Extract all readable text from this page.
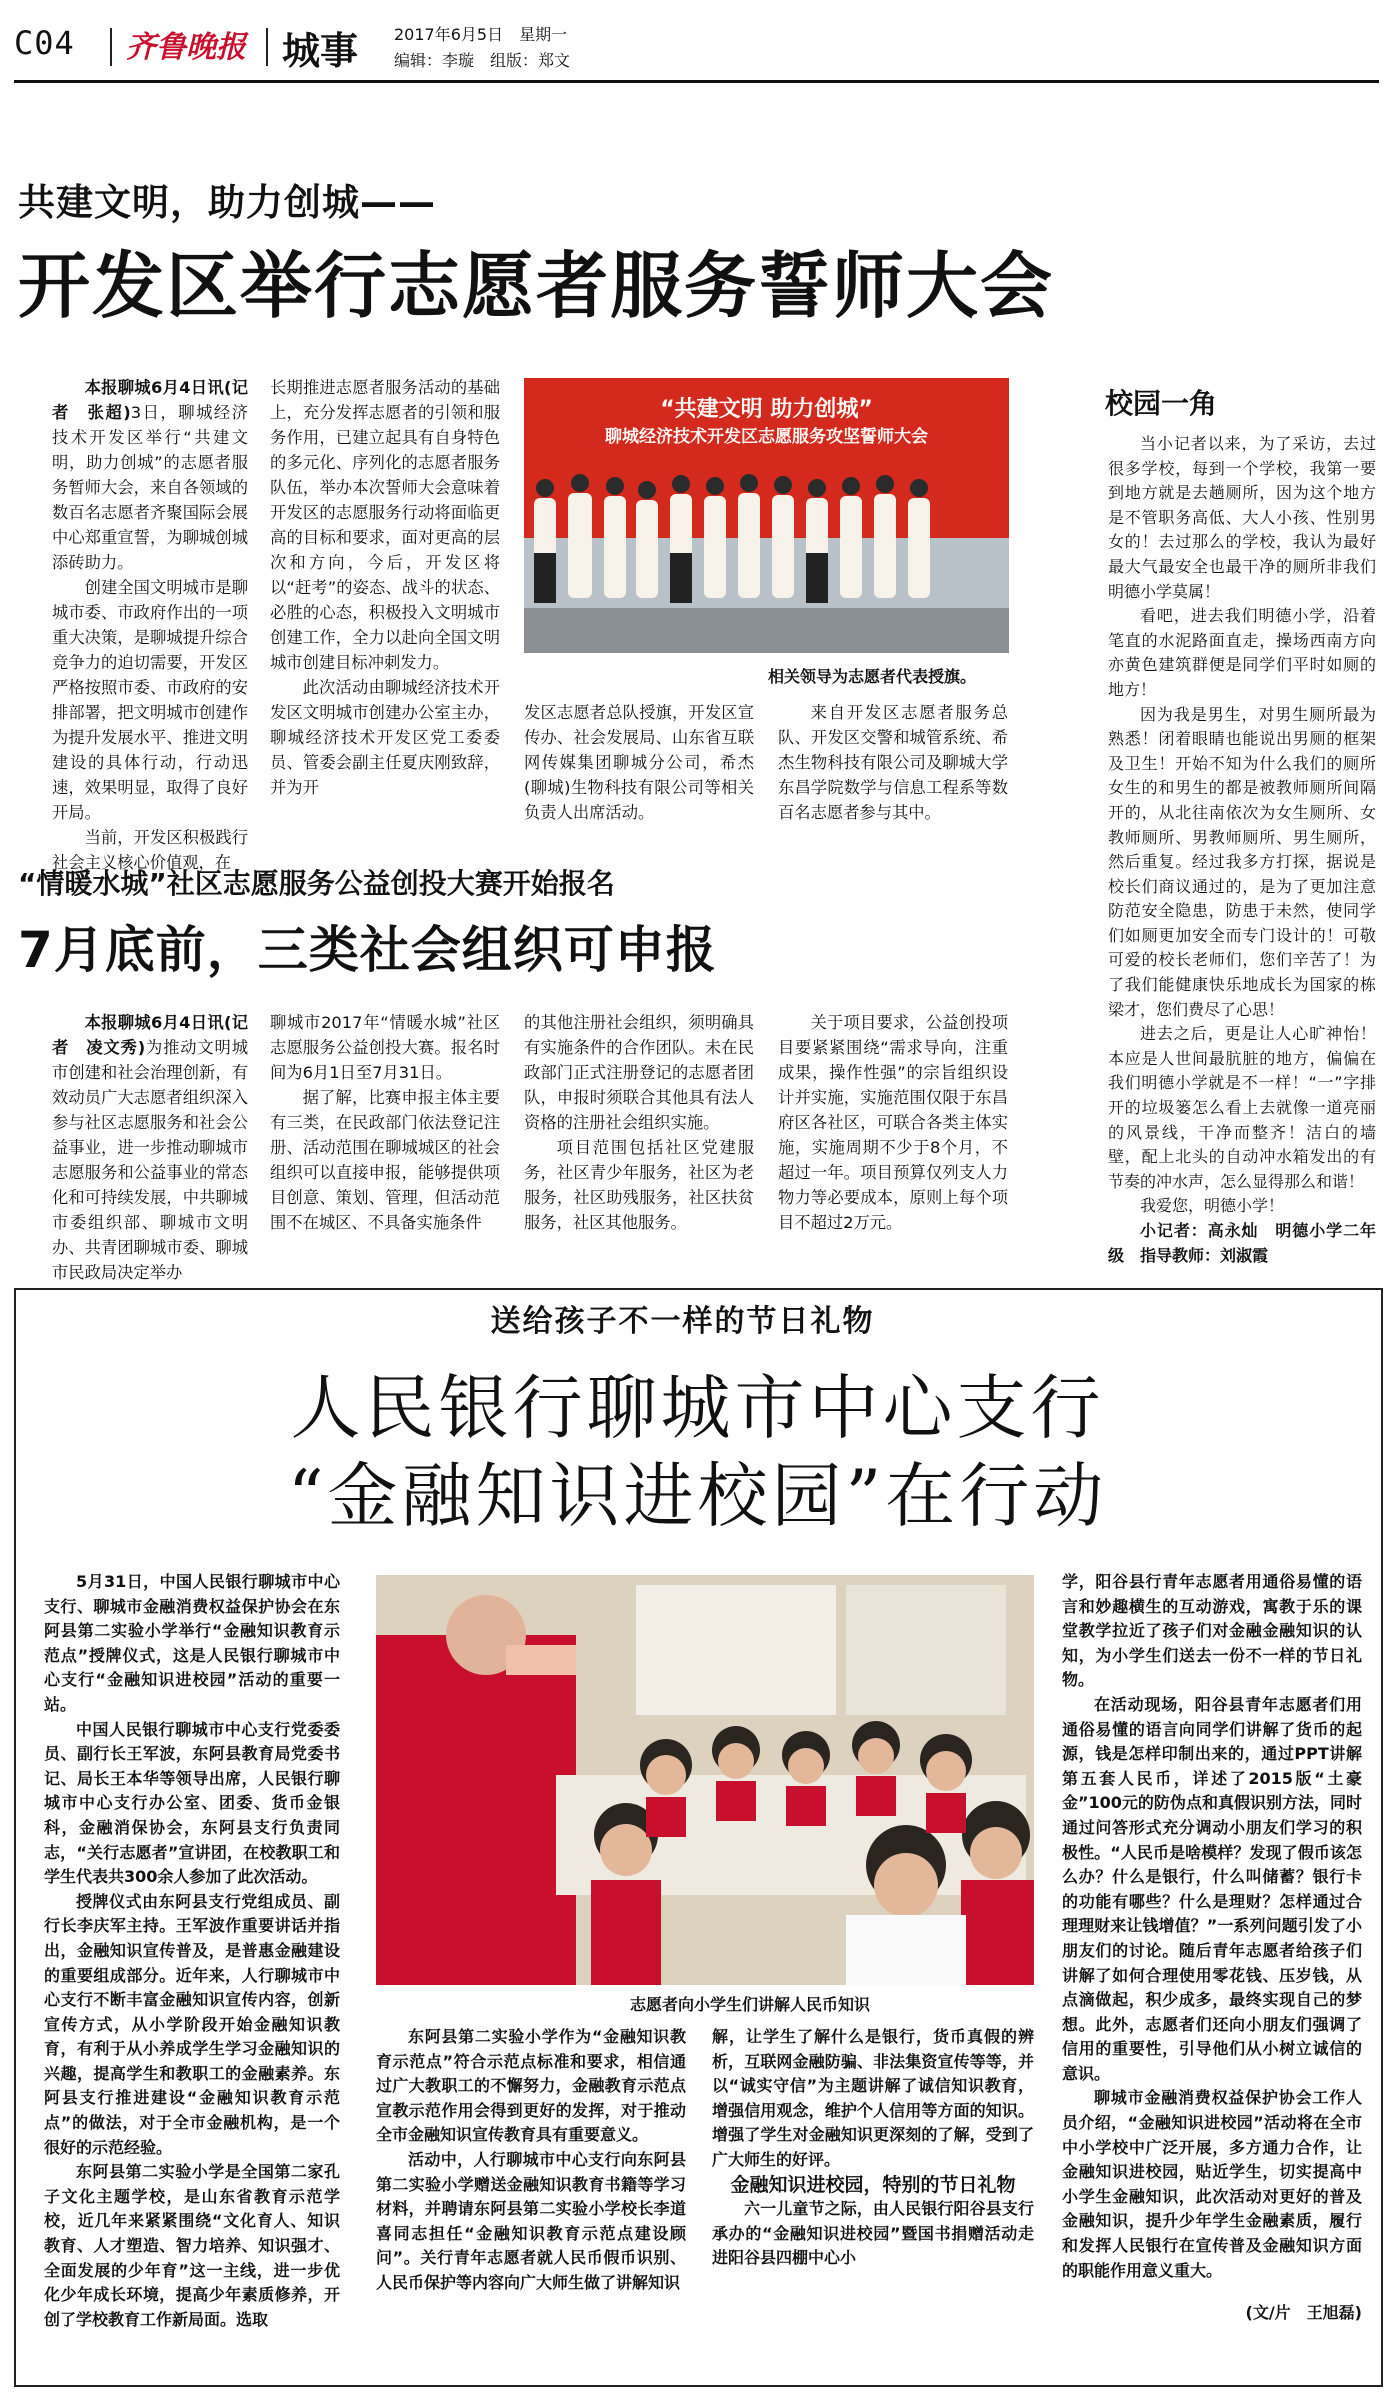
C04 齐鲁晚报 城事 2017年6月5日　星期一
编辑：李璇　组版：郑文
共建文明，助力创城——
开发区举行志愿者服务誓师大会

本报聊城6月4日讯(记者　张超)3日，聊城经济技术开发区举行“共建文明，助力创城”的志愿者服务暂师大会，来自各领域的数百名志愿者齐聚国际会展中心郑重宣誓，为聊城创城添砖助力。

创建全国文明城市是聊城市委、市政府作出的一项重大决策，是聊城提升综合竞争力的迫切需要，开发区严格按照市委、市政府的安排部署，把文明城市创建作为提升发展水平、推进文明建设的具体行动，行动迅速，效果明显，取得了良好开局。

当前，开发区积极践行社会主义核心价值观，在

长期推进志愿者服务活动的基础上，充分发挥志愿者的引领和服务作用，已建立起具有自身特色的多元化、序列化的志愿者服务队伍，举办本次誓师大会意味着开发区的志愿服务行动将面临更高的目标和要求，面对更高的层次和方向，今后，开发区将以“赶考”的姿态、战斗的状态、必胜的心态，积极投入文明城市创建工作，全力以赴向全国文明城市创建目标冲刺发力。

此次活动由聊城经济技术开发区文明城市创建办公室主办，聊城经济技术开发区党工委委员、管委会副主任夏庆刚致辞，并为开

“共建文明 助力创城”
聊城经济技术开发区志愿服务攻坚誓师大会
相关领导为志愿者代表授旗。

发区志愿者总队授旗，开发区宣传办、社会发展局、山东省互联网传媒集团聊城分公司，希杰(聊城)生物科技有限公司等相关负责人出席活动。

来自开发区志愿者服务总队、开发区交警和城管系统、希杰生物科技有限公司及聊城大学东昌学院数学与信息工程系等数百名志愿者参与其中。

校园一角

当小记者以来，为了采访，去过很多学校，每到一个学校，我第一要到地方就是去趟厕所，因为这个地方是不管职务高低、大人小孩、性别男女的！去过那么的学校，我认为最好最大气最安全也最干净的厕所非我们明德小学莫属！

看吧，进去我们明德小学，沿着笔直的水泥路面直走，操场西南方向亦黄色建筑群便是同学们平时如厕的地方！

因为我是男生，对男生厕所最为熟悉！闭着眼睛也能说出男厕的框架及卫生！开始不知为什么我们的厕所女生的和男生的都是被教师厕所间隔开的，从北往南依次为女生厕所、女教师厕所、男教师厕所、男生厕所，然后重复。经过我多方打探，据说是校长们商议通过的，是为了更加注意防范安全隐患，防患于未然，使同学们如厕更加安全而专门设计的！可敬可爱的校长老师们，您们辛苦了！为了我们能健康快乐地成长为国家的栋梁才，您们费尽了心思！

进去之后，更是让人心旷神怡！本应是人世间最肮脏的地方，偏偏在我们明德小学就是不一样！“一”字排开的垃圾篓怎么看上去就像一道亮丽的风景线，干净而整齐！洁白的墙壁，配上北头的自动冲水箱发出的有节奏的冲水声，怎么显得那么和谐！

我爱您，明德小学！

小记者：高永灿　明德小学二年级　指导教师：刘淑霞

“情暖水城”社区志愿服务公益创投大赛开始报名
7月底前，三类社会组织可申报

本报聊城6月4日讯(记者　凌文秀)为推动文明城市创建和社会治理创新，有效动员广大志愿者组织深入参与社区志愿服务和社会公益事业，进一步推动聊城市志愿服务和公益事业的常态化和可持续发展，中共聊城市委组织部、聊城市文明办、共青团聊城市委、聊城市民政局决定举办

聊城市2017年“情暖水城”社区志愿服务公益创投大赛。报名时间为6月1日至7月31日。

据了解，比赛申报主体主要有三类，在民政部门依法登记注册、活动范围在聊城城区的社会组织可以直接申报，能够提供项目创意、策划、管理，但活动范围不在城区、不具备实施条件

的其他注册社会组织，须明确具有实施条件的合作团队。未在民政部门正式注册登记的志愿者团队，申报时须联合其他具有法人资格的注册社会组织实施。

项目范围包括社区党建服务，社区青少年服务，社区为老服务，社区助残服务，社区扶贫服务，社区其他服务。

关于项目要求，公益创投项目要紧紧围绕“需求导向，注重成果，操作性强”的宗旨组织设计并实施，实施范围仅限于东昌府区各社区，可联合各类主体实施，实施周期不少于8个月，不超过一年。项目预算仅列支人力物力等必要成本，原则上每个项目不超过2万元。

送给孩子不一样的节日礼物
人民银行聊城市中心支行
“金融知识进校园”在行动

5月31日，中国人民银行聊城市中心支行、聊城市金融消费权益保护协会在东阿县第二实验小学举行“金融知识教育示范点”授牌仪式，这是人民银行聊城市中心支行“金融知识进校园”活动的重要一站。

中国人民银行聊城市中心支行党委委员、副行长王军波，东阿县教育局党委书记、局长王本华等领导出席，人民银行聊城市中心支行办公室、团委、货币金银科，金融消保协会，东阿县支行负责同志，“关行志愿者”宣讲团，在校教职工和学生代表共300余人参加了此次活动。

授牌仪式由东阿县支行党组成员、副行长李庆军主持。王军波作重要讲话并指出，金融知识宣传普及，是普惠金融建设的重要组成部分。近年来，人行聊城市中心支行不断丰富金融知识宣传内容，创新宣传方式，从小学阶段开始金融知识教育，有利于从小养成学生学习金融知识的兴趣，提高学生和教职工的金融素养。东阿县支行推进建设“金融知识教育示范点”的做法，对于全市金融机构，是一个很好的示范经验。

东阿县第二实验小学是全国第二家孔子文化主题学校，是山东省教育示范学校，近几年来紧紧围绕“文化育人、知识教育、人才塑造、智力培养、知识强才、全面发展的少年育”这一主线，进一步优化少年成长环境，提高少年素质修养，开创了学校教育工作新局面。选取

志愿者向小学生们讲解人民币知识

东阿县第二实验小学作为“金融知识教育示范点”符合示范点标准和要求，相信通过广大教职工的不懈努力，金融教育示范点宣教示范作用会得到更好的发挥，对于推动全市金融知识宣传教育具有重要意义。

活动中，人行聊城市中心支行向东阿县第二实验小学赠送金融知识教育书籍等学习材料，并聘请东阿县第二实验小学校长李道喜同志担任“金融知识教育示范点建设顾问”。关行青年志愿者就人民币假币识别、人民币保护等内容向广大师生做了讲解知识

解，让学生了解什么是银行，货币真假的辨析，互联网金融防骗、非法集资宣传等等，并以“诚实守信”为主题讲解了诚信知识教育，增强信用观念，维护个人信用等方面的知识。增强了学生对金融知识更深刻的了解，受到了广大师生的好评。

金融知识进校园，特别的节日礼物

六一儿童节之际，由人民银行阳谷县支行承办的“金融知识进校园”暨国书捐赠活动走进阳谷县四棚中心小

学，阳谷县行青年志愿者用通俗易懂的语言和妙趣横生的互动游戏，寓教于乐的课堂教学拉近了孩子们对金融金融知识的认知，为小学生们送去一份不一样的节日礼物。

在活动现场，阳谷县青年志愿者们用通俗易懂的语言向同学们讲解了货币的起源，钱是怎样印制出来的，通过PPT讲解第五套人民币，详述了2015版“土豪金”100元的防伪点和真假识别方法，同时通过问答形式充分调动小朋友们学习的积极性。“人民币是啥模样？发现了假币该怎么办？什么是银行，什么叫储蓄？银行卡的功能有哪些？什么是理财？怎样通过合理理财来让钱增值？”一系列问题引发了小朋友们的讨论。随后青年志愿者给孩子们讲解了如何合理使用零花钱、压岁钱，从点滴做起，积少成多，最终实现自己的梦想。此外，志愿者们还向小朋友们强调了信用的重要性，引导他们从小树立诚信的意识。

聊城市金融消费权益保护协会工作人员介绍，“金融知识进校园”活动将在全市中小学校中广泛开展，多方通力合作，让金融知识进校园，贴近学生，切实提高中小学生金融知识，此次活动对更好的普及金融知识，提升少年学生金融素质，履行和发挥人民银行在宣传普及金融知识方面的职能作用意义重大。

(文/片　王旭磊)
